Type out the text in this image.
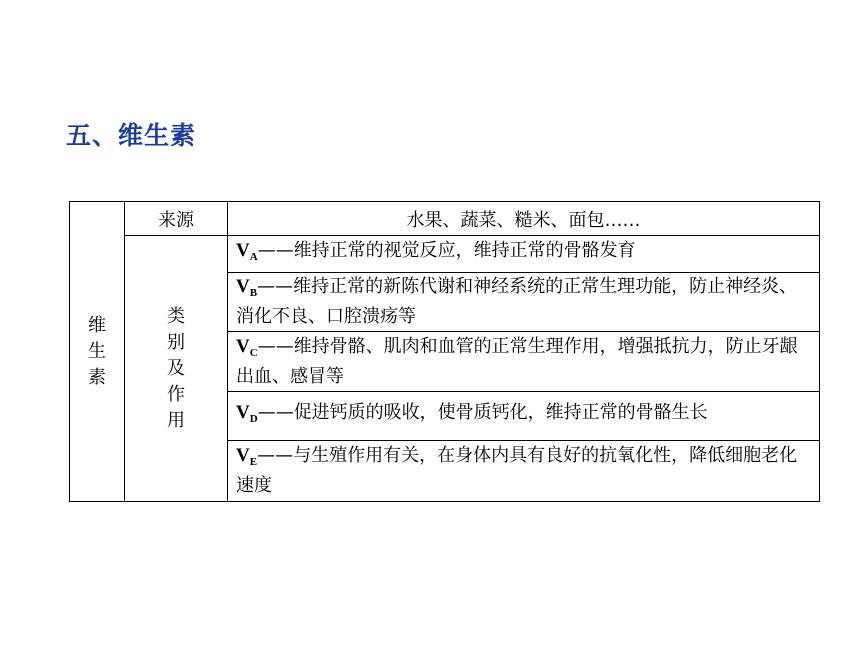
五、维生素
维
生
素	来源	水果、蔬菜、糙米、面包……

	类
别
及
作
用	$V_A——$维持正常的视觉反应，维持正常的骨骼发育
		$V_B——$维持正常的新陈代谢和神经系统的正常生理功能，防止神经炎、消化不良、口腔溃疡等
		$V_C——$维持骨骼、肌肉和血管的正常生理作用，增强抵抗力，防止牙龈出血、感冒等
		$V_D——$促进钙质的吸收，使骨质钙化，维持正常的骨骼生长
		$V_E——$与生殖作用有关，在身体内具有良好的抗氧化性，降低细胞老化速度
